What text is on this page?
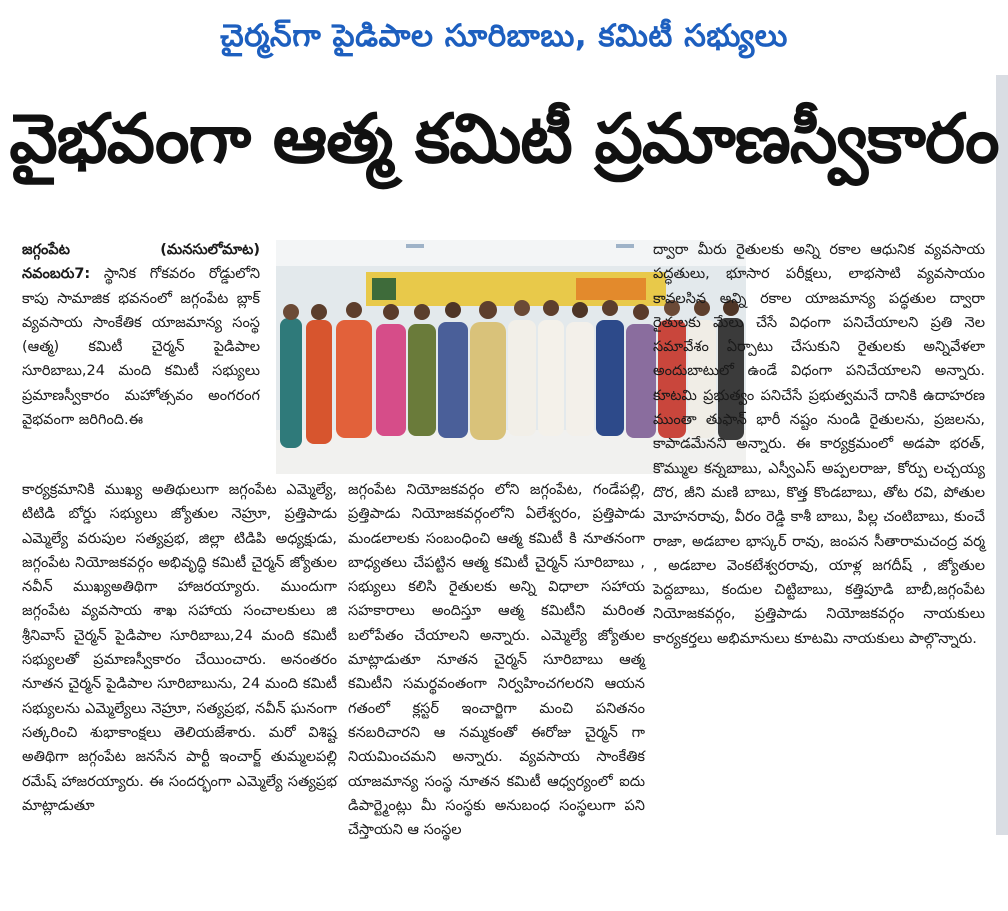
చైర్మన్‌గా పైడిపాల సూరిబాబు, కమిటీ సభ్యులు
వైభవంగా ఆత్మ కమిటీ ప్రమాణస్వీకారం
జగ్గంపేట	(మనసులోమాట)

నవంబరు7: స్థానిక గోకవరం రోడ్డులోని కాపు సామాజిక భవనంలో జగ్గంపేట బ్లాక్ వ్యవసాయ సాంకేతిక యాజమాన్య సంస్థ (ఆత్మ) కమిటీ చైర్మన్ పైడిపాల సూరిబాబు,24 మంది కమిటీ సభ్యులు ప్రమాణస్వీకారం మహోత్సవం అంగరంగ వైభవంగా జరిగింది.ఈ

కార్యక్రమానికి ముఖ్య అతిథులుగా జగ్గంపేట ఎమ్మెల్యే, టిటిడి బోర్డు సభ్యులు జ్యోతుల నెహ్రూ, ప్రత్తిపాడు ఎమ్మెల్యే వరుపుల సత్యప్రభ, జిల్లా టిడిపి అధ్యక్షుడు, జగ్గంపేట నియోజకవర్గం అభివృద్ధి కమిటీ చైర్మన్ జ్యోతుల నవీన్ ముఖ్యఅతిథిగా హాజరయ్యారు. ముందుగా జగ్గంపేట వ్యవసాయ శాఖ సహాయ సంచాలకులు జి శ్రీనివాస్ చైర్మన్ పైడిపాల సూరిబాబు,24 మంది కమిటీ సభ్యులతో ప్రమాణస్వీకారం చేయించారు. అనంతరం నూతన చైర్మన్ పైడిపాల సూరిబాబును, 24 మంది కమిటీ సభ్యులను ఎమ్మెల్యేలు నెహ్రూ, సత్యప్రభ, నవీన్ ఘనంగా సత్కరించి శుభాకాంక్షలు తెలియజేశారు. మరో విశిష్ట అతిథిగా జగ్గంపేట జనసేన పార్టీ ఇంచార్జ్ తుమ్మలపల్లి రమేష్ హాజరయ్యారు. ఈ సందర్భంగా ఎమ్మెల్యే సత్యప్రభ మాట్లాడుతూ

జగ్గంపేట నియోజకవర్గం లోని జగ్గంపేట, గండేపల్లి, ప్రత్తిపాడు నియోజకవర్గంలోని ఏలేశ్వరం, ప్రత్తిపాడు మండలాలకు సంబంధించి ఆత్మ కమిటీ కి నూతనంగా బాధ్యతలు చేపట్టిన ఆత్మ కమిటీ చైర్మన్ సూరిబాబు , సభ్యులు కలిసి రైతులకు అన్ని విధాలా సహాయ సహకారాలు అందిస్తూ ఆత్మ కమిటీని మరింత బలోపేతం చేయాలని అన్నారు. ఎమ్మెల్యే జ్యోతుల మాట్లాడుతూ నూతన చైర్మన్ సూరిబాబు ఆత్మ కమిటీని సమర్థవంతంగా నిర్వహించగలరని ఆయన గతంలో క్లస్టర్ ఇంచార్జిగా మంచి పనితనం కనబరిచారని ఆ నమ్మకంతో ఈరోజు చైర్మన్ గా నియమించమని అన్నారు. వ్యవసాయ సాంకేతిక యాజమాన్య సంస్థ నూతన కమిటీ ఆధ్వర్యంలో ఐదు డిపార్ట్మెంట్లు మీ సంస్థకు అనుబంధ సంస్థలుగా పని చేస్తాయని ఆ సంస్థల

ద్వారా మీరు రైతులకు అన్ని రకాల ఆధునిక వ్యవసాయ పద్ధతులు, భూసార పరీక్షలు, లాభసాటి వ్యవసాయం కావలసిన అన్ని రకాల యాజమాన్య పద్ధతుల ద్వారా రైతులకు మేలు చేసే విధంగా పనిచేయాలని ప్రతి నెల సమావేశం ఏర్పాటు చేసుకుని రైతులకు అన్నివేళలా అందుబాటులో ఉండే విధంగా పనిచేయాలని అన్నారు. కూటమి ప్రభుత్వం పనిచేసే ప్రభుత్వమనే దానికి ఉదాహరణ ముంతా తుఫాన్ భారీ నష్టం నుండి రైతులను, ప్రజలను, కాపాడమేనని అన్నారు. ఈ కార్యక్రమంలో అడపా భరత్, కొమ్ముల కన్నబాబు, ఎస్వీఎస్ అప్పలరాజు, కోర్పు లచ్చయ్య దొర, జీని మణి బాబు, కొత్త కొండబాబు, తోట రవి, పోతుల మోహనరావు, వీరం రెడ్డి కాశీ బాబు, పిల్ల చంటిబాబు, కుంచే రాజా, అడబాల భాస్కర్ రావు, జంపన సీతారామచంద్ర వర్మ , అడబాల వెంకటేశ్వరరావు, యాళ్ల జగదీష్ , జ్యోతుల పెద్దబాబు, కందుల చిట్టిబాబు, కత్తిపూడి బాబీ,జగ్గంపేట నియోజకవర్గం, ప్రత్తిపాడు నియోజకవర్గం నాయకులు కార్యకర్తలు అభిమానులు కూటమి నాయకులు పాల్గొన్నారు.
